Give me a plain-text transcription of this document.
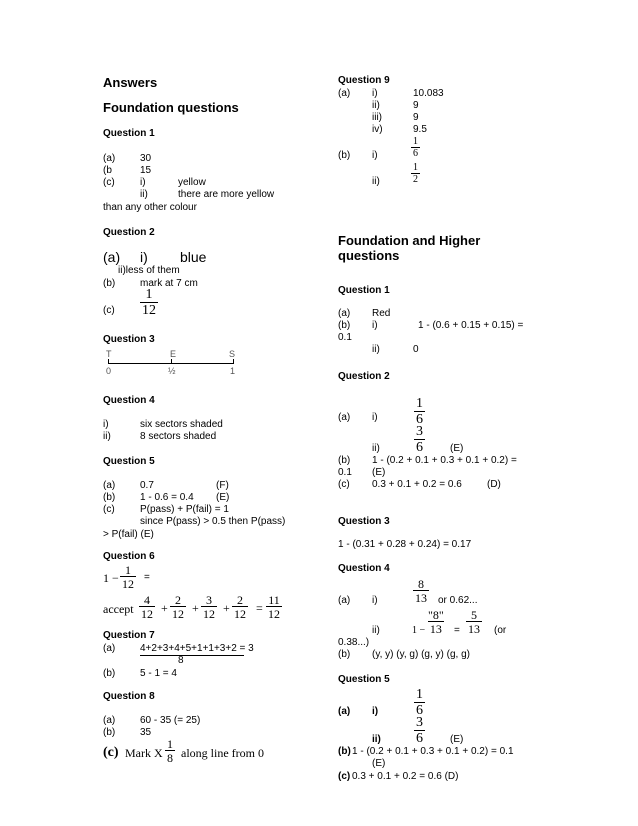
Answers
Foundation questions
Question 1
(a) 30
(b	15
(c)	i)	yellow
ii)	there are more yellow
than any other colour
Question 2
(a) i) blue
ii)less of them
(b) mark at 7 cm
$(c) \frac{1}{12}$
Question 3
T	E	S
0	½	1
Question 4
i)	six sectors shaded
ii)	8 sectors shaded
Question 5
(a) 0.7	(F)
(b) 1 - 0.6 = 0.4 (E)
(c)	P(pass) + P(fail) = 1
since P(pass) > 0.5 then P(pass)
> P(fail) (E)
Question 6
$1 - \frac{1}{12}$ =
accept $\frac{4}{12} + \frac{2}{12} + \frac{3}{12} + \frac{2}{12} = \frac{11}{12}$
Question 7
(a) 4+2+3+4+5+1+1+3+2 = 3
8
(b) 5 - 1 = 4
Question 8
(a) 60 - 35 (= 25)
(b) 35
(c) Mark X $\frac{1}{8}$ along line from 0
Question 9
(a) i)	10.083
ii)	9
iii)	9
iv)	9.5
(b) i)	$\frac{1}{6}$
ii)	$\frac{1}{2}$
Foundation and Higher
questions
Question 1
(a) Red
(b) i)	1 - (0.6 + 0.15 + 0.15) =
0.1
ii)	0
Question 2
(a) i)	$\frac{1}{6}$
$ii) \frac{3}{6}$	(E)
(b) 1 - (0.2 + 0.1 + 0.3 + 0.1 + 0.2) =
0.1 (E)
(c) 0.3 + 0.1 + 0.2 = 0.6	(D)
Question 3
1 - (0.31 + 0.28 + 0.24) = 0.17
Question 4
(a) i)	$\frac{8}{13}$ or 0.62...
ii)	$1 - \frac{"8"}{13} = \frac{5}{13} (or$
0.38...)
(b) (y, y) (y, g) (g, y) (g, g)
Question 5
(a) i)	$\frac{1}{6}$
$ii) \frac{3}{6}$	(E)
(b) 1 - (0.2 + 0.1 + 0.3 + 0.1 + 0.2) = 0.1
(E)
(c) 0.3 + 0.1 + 0.2 = 0.6 (D)
